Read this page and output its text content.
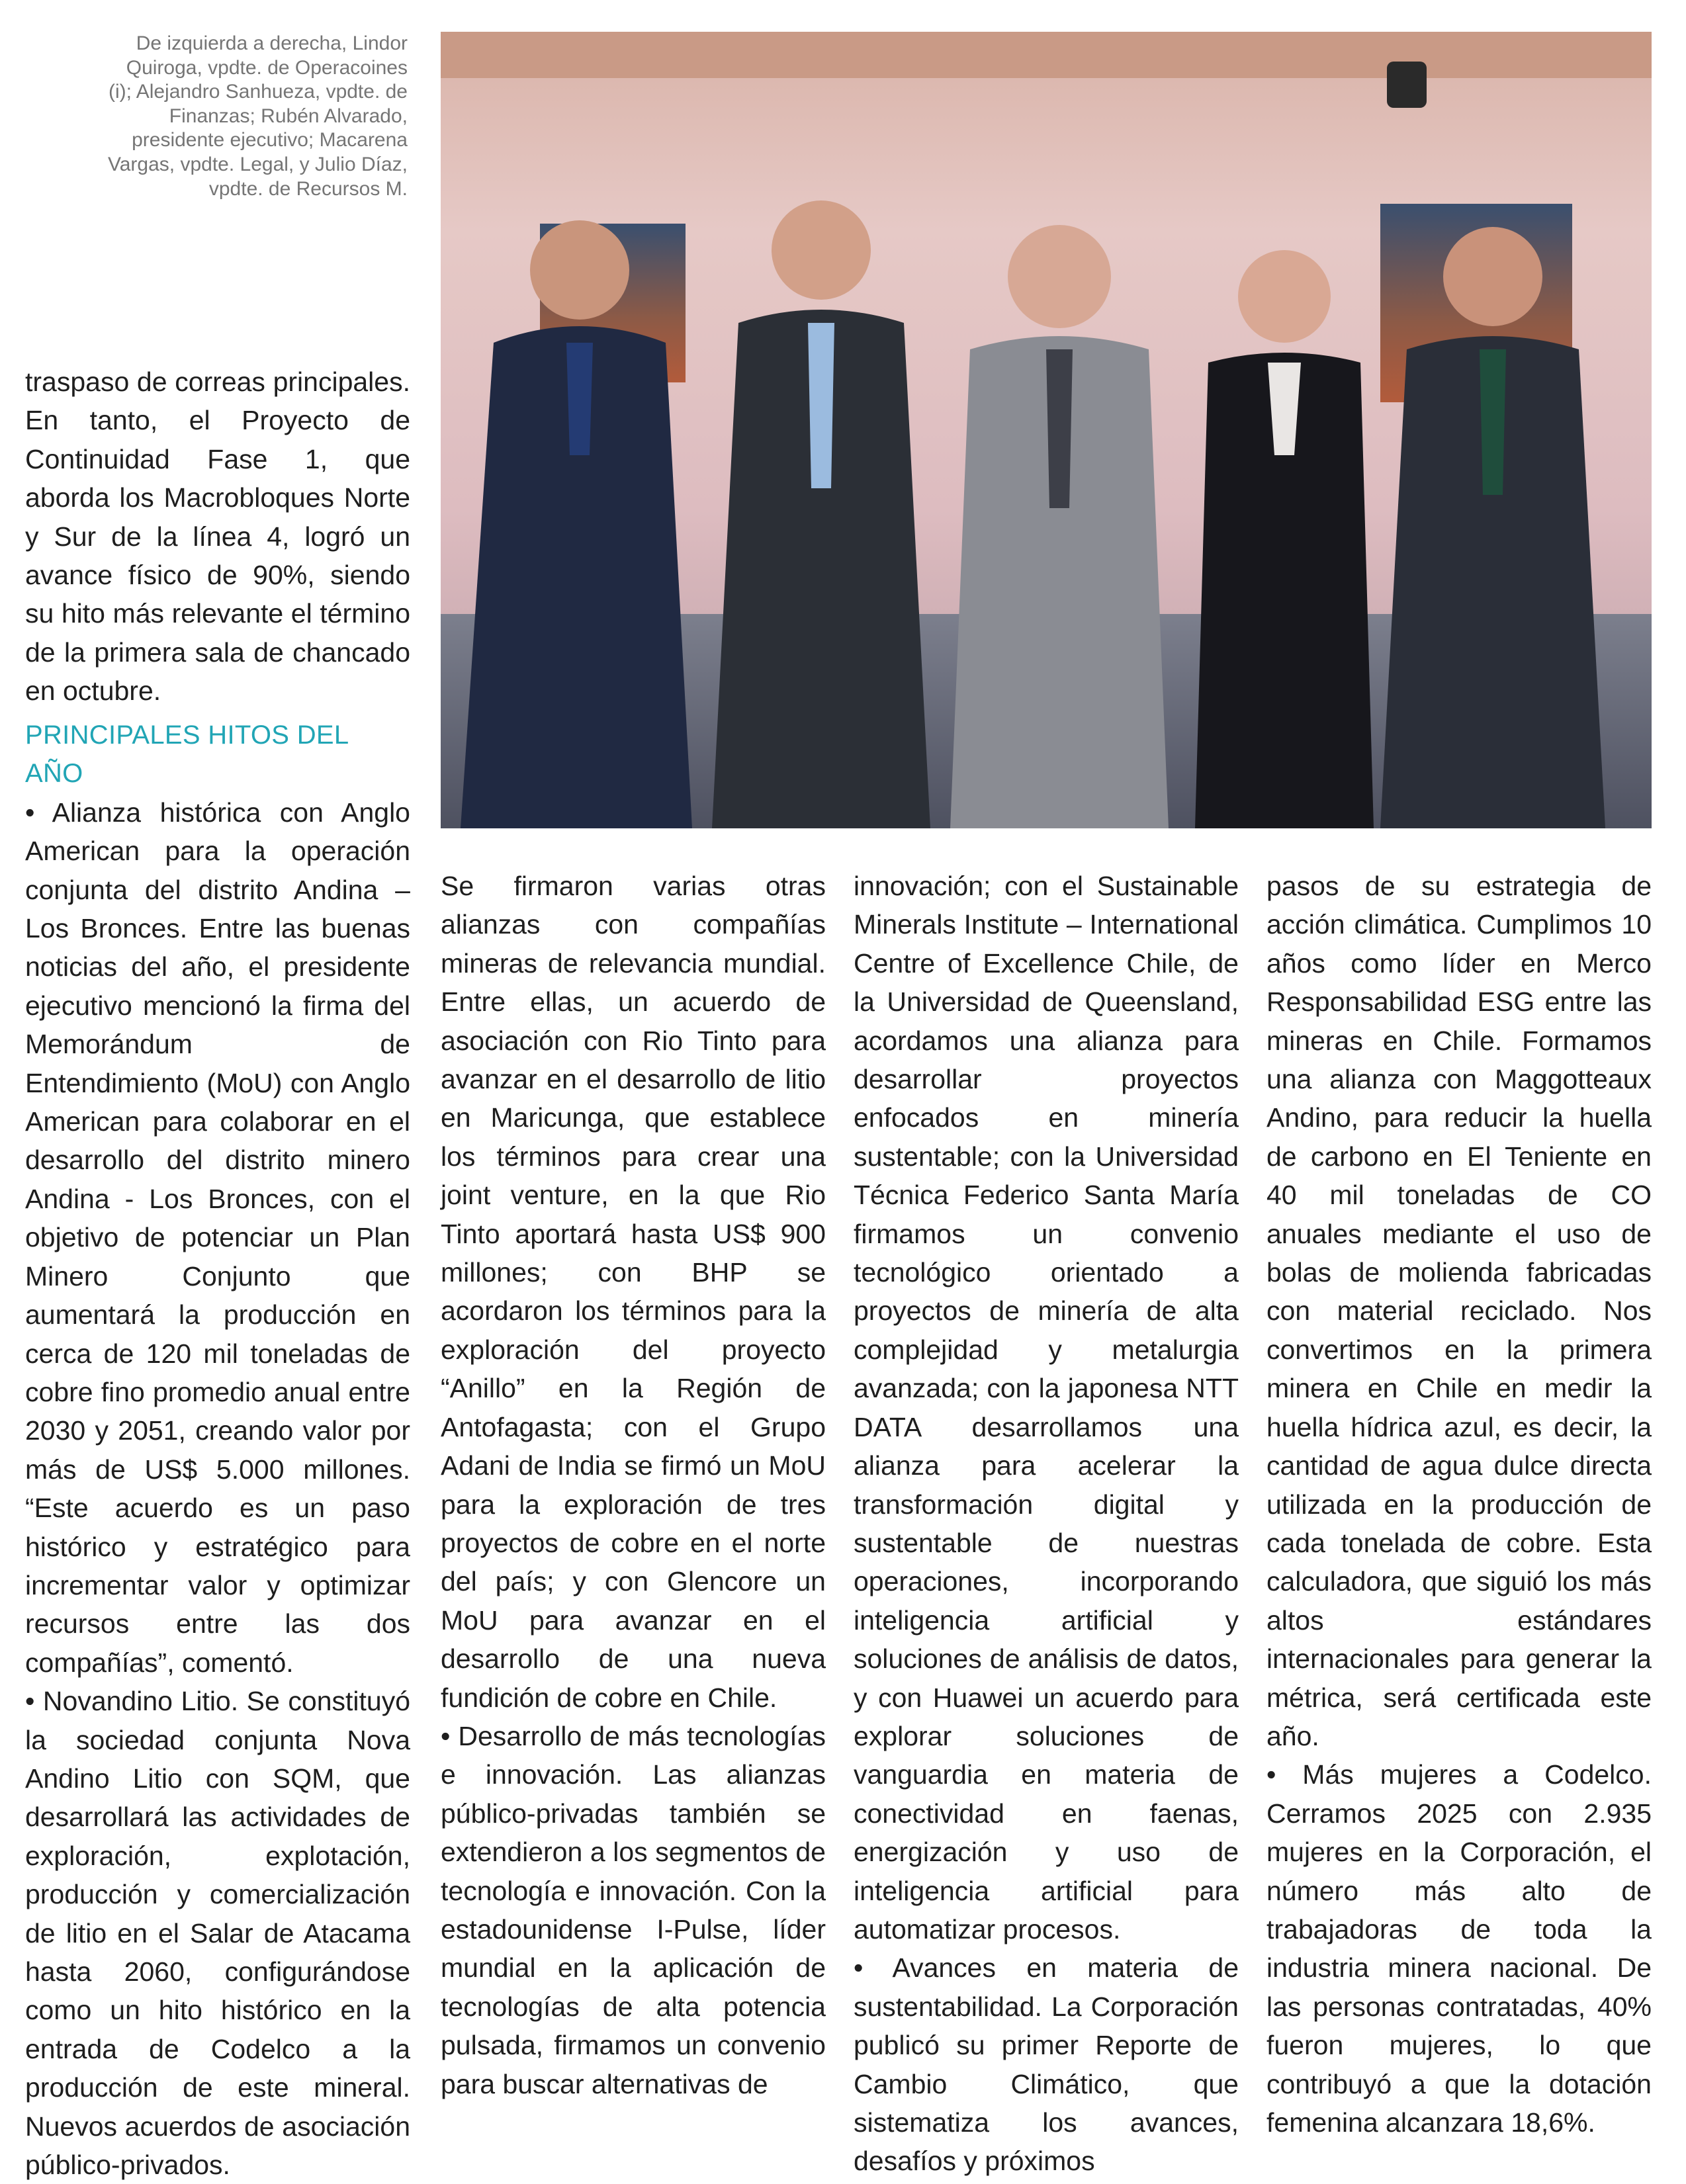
De izquierda a derecha, Lindor Quiroga, vpdte. de Operacoines (i); Alejandro Sanhueza, vpdte. de Finanzas; Rubén Alvarado, presidente ejecutivo; Macarena Vargas, vpdte. Legal, y Julio Díaz, vpdte. de Recursos M.

traspaso de correas principales. En tanto, el Proyecto de Continuidad Fase 1, que aborda los Macrobloques Norte y Sur de la línea 4, logró un avance físico de 90%, siendo su hito más relevante el término de la primera sala de chancado en octubre.

PRINCIPALES HITOS DEL AÑO

• Alianza histórica con Anglo American para la operación conjunta del distrito Andina – Los Bronces. Entre las buenas noticias del año, el presidente ejecutivo mencionó la firma del Memorándum de Entendimiento (MoU) con Anglo American para colaborar en el desarrollo del distrito minero Andina - Los Bronces, con el objetivo de potenciar un Plan Minero Conjunto que aumentará la producción en cerca de 120 mil toneladas de cobre fino promedio anual entre 2030 y 2051, creando valor por más de US$ 5.000 millones. “Este acuerdo es un paso histórico y estratégico para incrementar valor y optimizar recursos entre las dos compañías”, comentó.

• Novandino Litio. Se constituyó la sociedad conjunta Nova Andino Litio con SQM, que desarrollará las actividades de exploración, explotación, producción y comercialización de litio en el Salar de Atacama hasta 2060, configurándose como un hito histórico en la entrada de Codelco a la producción de este mineral. Nuevos acuerdos de asociación público-privados.

Se firmaron varias otras alianzas con compañías mineras de relevancia mundial. Entre ellas, un acuerdo de asociación con Rio Tinto para avanzar en el desarrollo de litio en Maricunga, que establece los términos para crear una joint venture, en la que Rio Tinto aportará hasta US$ 900 millones; con BHP se acordaron los términos para la exploración del proyecto “Anillo” en la Región de Antofagasta; con el Grupo Adani de India se firmó un MoU para la exploración de tres proyectos de cobre en el norte del país; y con Glencore un MoU para avanzar en el desarrollo de una nueva fundición de cobre en Chile.

• Desarrollo de más tecnologías e innovación. Las alianzas público-privadas también se extendieron a los segmentos de tecnología e innovación. Con la estadounidense I-Pulse, líder mundial en la aplicación de tecnologías de alta potencia pulsada, firmamos un convenio para buscar alternativas de

innovación; con el Sustainable Minerals Institute – International Centre of Excellence Chile, de la Universidad de Queensland, acordamos una alianza para desarrollar proyectos enfocados en minería sustentable; con la Universidad Técnica Federico Santa María firmamos un convenio tecnológico orientado a proyectos de minería de alta complejidad y metalurgia avanzada; con la japonesa NTT DATA desarrollamos una alianza para acelerar la transformación digital y sustentable de nuestras operaciones, incorporando inteligencia artificial y soluciones de análisis de datos, y con Huawei un acuerdo para explorar soluciones de vanguardia en materia de conectividad en faenas, energización y uso de inteligencia artificial para automatizar procesos.

• Avances en materia de sustentabilidad. La Corporación publicó su primer Reporte de Cambio Climático, que sistematiza los avances, desafíos y próximos

pasos de su estrategia de acción climática. Cumplimos 10 años como líder en Merco Responsabilidad ESG entre las mineras en Chile. Formamos una alianza con Maggotteaux Andino, para reducir la huella de carbono en El Teniente en 40 mil toneladas de CO anuales mediante el uso de bolas de molienda fabricadas con material reciclado. Nos convertimos en la primera minera en Chile en medir la huella hídrica azul, es decir, la cantidad de agua dulce directa utilizada en la producción de cada tonelada de cobre. Esta calculadora, que siguió los más altos estándares internacionales para generar la métrica, será certificada este año.

• Más mujeres a Codelco. Cerramos 2025 con 2.935 mujeres en la Corporación, el número más alto de trabajadoras de toda la industria minera nacional. De las personas contratadas, 40% fueron mujeres, lo que contribuyó a que la dotación femenina alcanzara 18,6%.
